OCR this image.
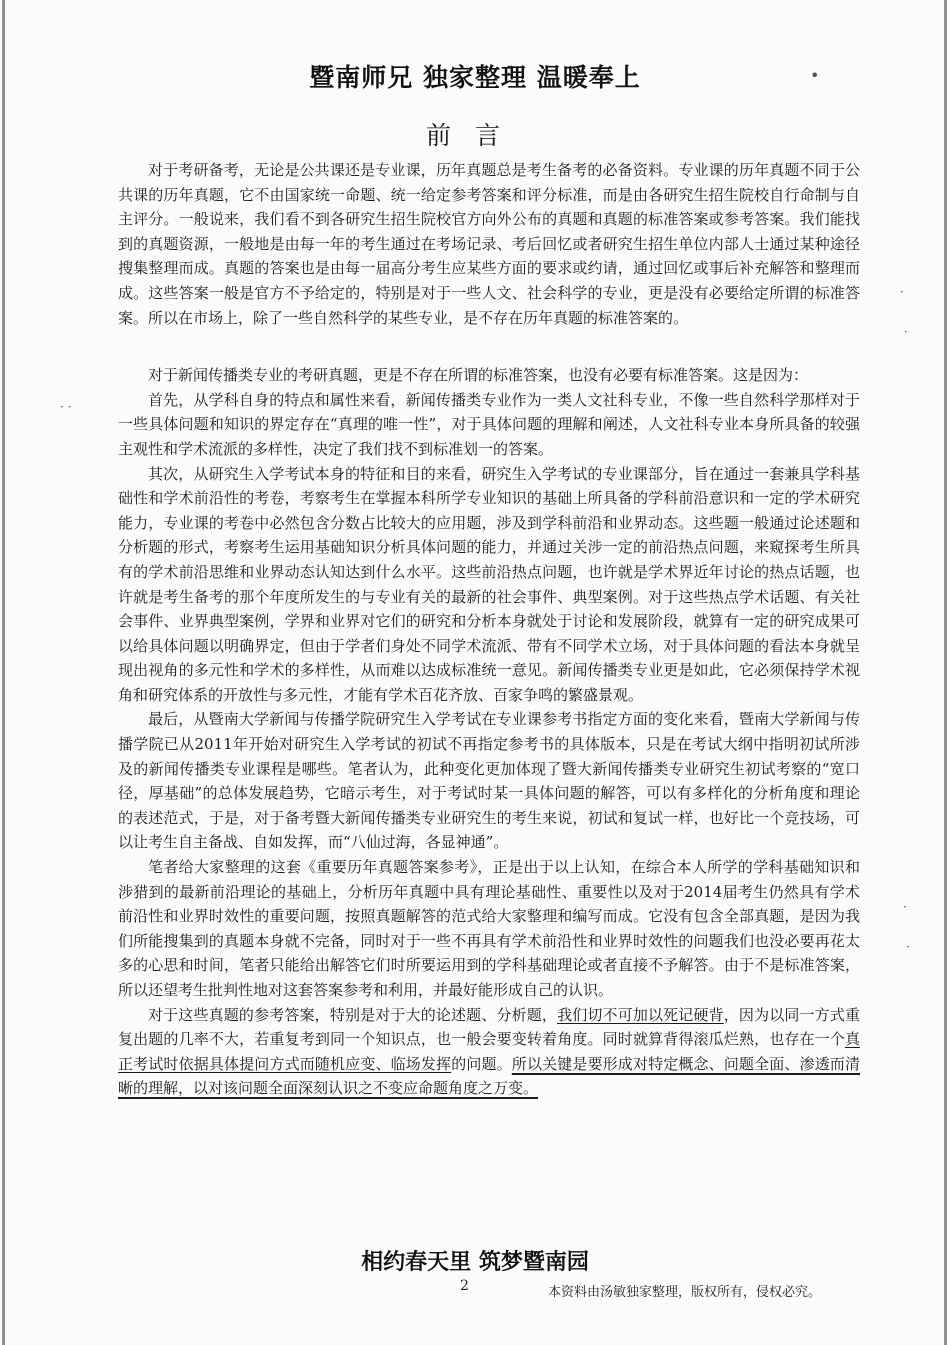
暨南师兄 独家整理 温暖奉上
前言

对于考研备考，无论是公共课还是专业课，历年真题总是考生备考的必备资料。专业课的历年真题不同于公共课的历年真题，它不由国家统一命题、统一给定参考答案和评分标准，而是由各研究生招生院校自行命制与自主评分。一般说来，我们看不到各研究生招生院校官方向外公布的真题和真题的标准答案或参考答案。我们能找到的真题资源，一般地是由每一年的考生通过在考场记录、考后回忆或者研究生招生单位内部人士通过某种途径搜集整理而成。真题的答案也是由每一届高分考生应某些方面的要求或约请，通过回忆或事后补充解答和整理而成。这些答案一般是官方不予给定的，特别是对于一些人文、社会科学的专业，更是没有必要给定所谓的标准答案。所以在市场上，除了一些自然科学的某些专业，是不存在历年真题的标准答案的。

对于新闻传播类专业的考研真题，更是不存在所谓的标准答案，也没有必要有标准答案。这是因为：

首先，从学科自身的特点和属性来看，新闻传播类专业作为一类人文社科专业，不像一些自然科学那样对于一些具体问题和知识的界定存在“真理的唯一性”，对于具体问题的理解和阐述，人文社科专业本身所具备的较强主观性和学术流派的多样性，决定了我们找不到标准划一的答案。

其次，从研究生入学考试本身的特征和目的来看，研究生入学考试的专业课部分，旨在通过一套兼具学科基础性和学术前沿性的考卷，考察考生在掌握本科所学专业知识的基础上所具备的学科前沿意识和一定的学术研究能力，专业课的考卷中必然包含分数占比较大的应用题，涉及到学科前沿和业界动态。这些题一般通过论述题和分析题的形式，考察考生运用基础知识分析具体问题的能力，并通过关涉一定的前沿热点问题，来窥探考生所具有的学术前沿思维和业界动态认知达到什么水平。这些前沿热点问题，也许就是学术界近年讨论的热点话题，也许就是考生备考的那个年度所发生的与专业有关的最新的社会事件、典型案例。对于这些热点学术话题、有关社会事件、业界典型案例，学界和业界对它们的研究和分析本身就处于讨论和发展阶段，就算有一定的研究成果可以给具体问题以明确界定，但由于学者们身处不同学术流派、带有不同学术立场，对于具体问题的看法本身就呈现出视角的多元性和学术的多样性，从而难以达成标准统一意见。新闻传播类专业更是如此，它必须保持学术视角和研究体系的开放性与多元性，才能有学术百花齐放、百家争鸣的繁盛景观。

最后，从暨南大学新闻与传播学院研究生入学考试在专业课参考书指定方面的变化来看，暨南大学新闻与传播学院已从2011年开始对研究生入学考试的初试不再指定参考书的具体版本，只是在考试大纲中指明初试所涉及的新闻传播类专业课程是哪些。笔者认为，此种变化更加体现了暨大新闻传播类专业研究生初试考察的“宽口径，厚基础”的总体发展趋势，它暗示考生，对于考试时某一具体问题的解答，可以有多样化的分析角度和理论的表述范式，于是，对于备考暨大新闻传播类专业研究生的考生来说，初试和复试一样，也好比一个竞技场，可以让考生自主备战、自如发挥，而“八仙过海，各显神通”。

笔者给大家整理的这套《重要历年真题答案参考》，正是出于以上认知，在综合本人所学的学科基础知识和涉猎到的最新前沿理论的基础上，分析历年真题中具有理论基础性、重要性以及对于2014届考生仍然具有学术前沿性和业界时效性的重要问题，按照真题解答的范式给大家整理和编写而成。它没有包含全部真题，是因为我们所能搜集到的真题本身就不完备，同时对于一些不再具有学术前沿性和业界时效性的问题我们也没必要再花太多的心思和时间，笔者只能给出解答它们时所要运用到的学科基础理论或者直接不予解答。由于不是标准答案，所以还望考生批判性地对这套答案参考和利用，并最好能形成自己的认识。

对于这些真题的参考答案，特别是对于大的论述题、分析题，我们切不可加以死记硬背，因为以同一方式重复出题的几率不大，若重复考到同一个知识点，也一般会要变转着角度。同时就算背得滚瓜烂熟，也存在一个真正考试时依据具体提问方式而随机应变、临场发挥的问题。所以关键是要形成对特定概念、问题全面、渗透而清晰的理解，以对该问题全面深刻认识之不变应命题角度之万变。

相约春天里 筑梦暨南园
2	本资料由汤敏独家整理，版权所有，侵权必究。
•
· ·
·
·
·
·
